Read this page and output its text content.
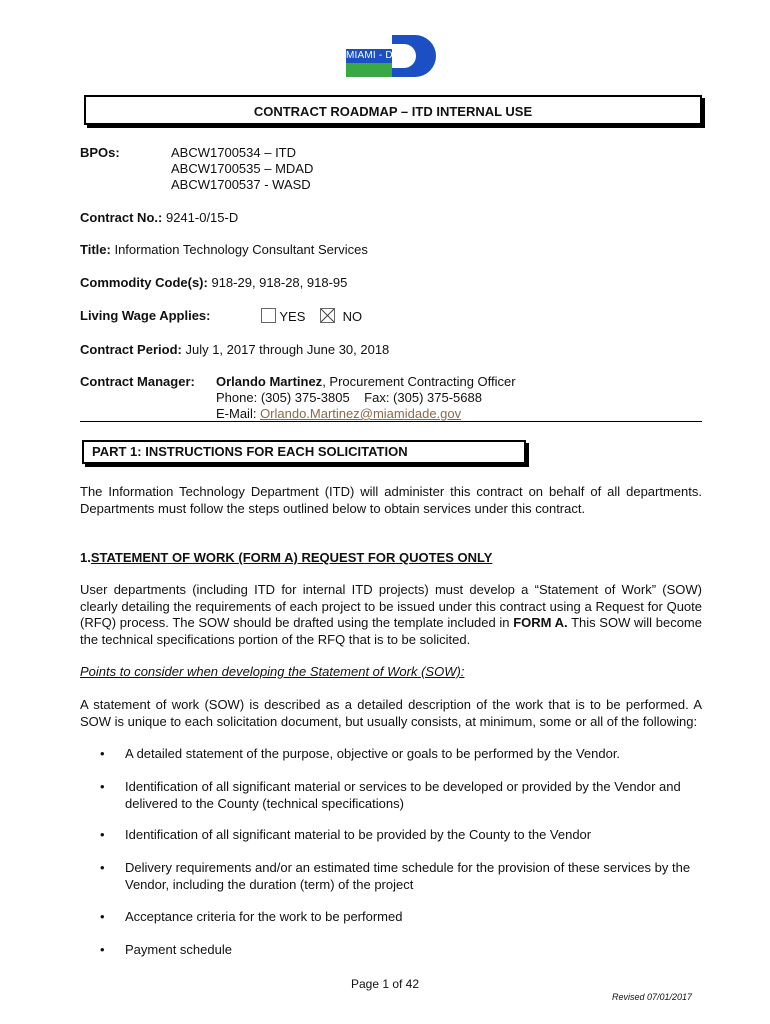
MIAMI - DADE
CONTRACT ROADMAP – ITD INTERNAL USE
BPOs:	ABCW1700534 – ITD
ABCW1700535 – MDAD
ABCW1700537 - WASD
Contract No.: 9241-0/15-D
Title: Information Technology Consultant Services
Commodity Code(s): 918-29, 918-28, 918-95
Living Wage Applies:	YES	NO
Contract Period: July 1, 2017 through June 30, 2018
Contract Manager: Orlando Martinez, Procurement Contracting Officer
Phone: (305) 375-3805    Fax: (305) 375-5688
E-Mail: Orlando.Martinez@miamidade.gov
PART 1: INSTRUCTIONS FOR EACH SOLICITATION
The Information Technology Department (ITD) will administer this contract on behalf of all departments. Departments must follow the steps outlined below to obtain services under this contract.
1.STATEMENT OF WORK (FORM A) REQUEST FOR QUOTES ONLY
User departments (including ITD for internal ITD projects) must develop a “Statement of Work” (SOW) clearly detailing the requirements of each project to be issued under this contract using a Request for Quote (RFQ) process. The SOW should be drafted using the template included in FORM A. This SOW will become the technical specifications portion of the RFQ that is to be solicited.
Points to consider when developing the Statement of Work (SOW):
A statement of work (SOW) is described as a detailed description of the work that is to be performed. A SOW is unique to each solicitation document, but usually consists, at minimum, some or all of the following:
• A detailed statement of the purpose, objective or goals to be performed by the Vendor.
• Identification of all significant material or services to be developed or provided by the Vendor and delivered to the County (technical specifications)
• Identification of all significant material to be provided by the County to the Vendor
• Delivery requirements and/or an estimated time schedule for the provision of these services by the Vendor, including the duration (term) of the project
• Acceptance criteria for the work to be performed
• Payment schedule
Page 1 of 42
Revised 07/01/2017
